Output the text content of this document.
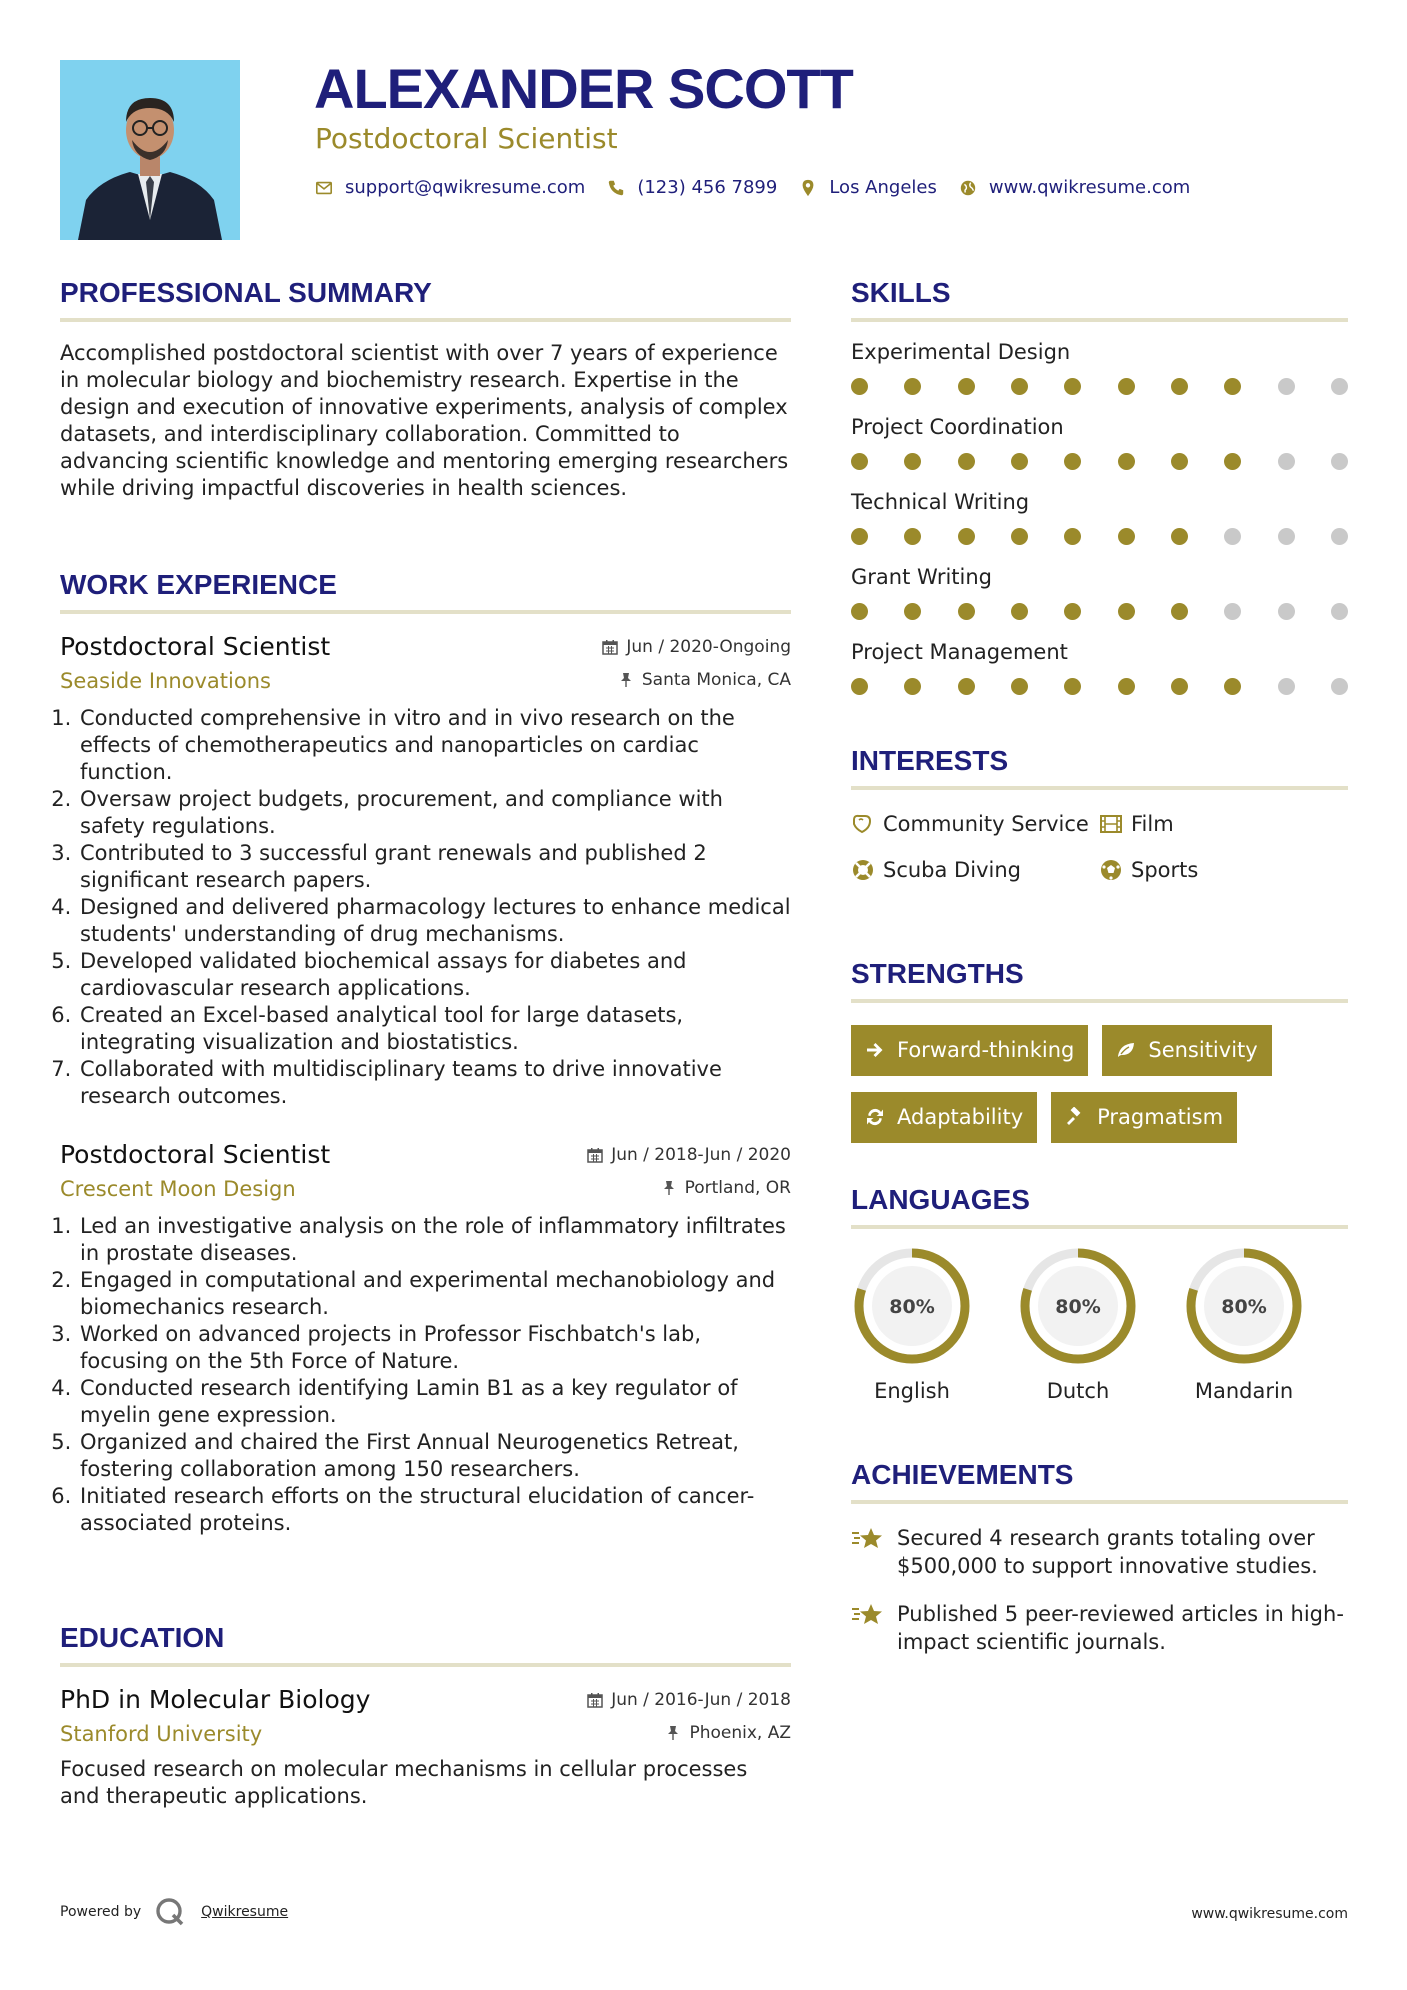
ALEXANDER SCOTT
Postdoctoral Scientist
support@qwikresume.com	(123) 456 7899	Los Angeles	www.qwikresume.com
PROFESSIONAL SUMMARY

Accomplished postdoctoral scientist with over 7 years of experience in molecular biology and biochemistry research. Expertise in the design and execution of innovative experiments, analysis of complex datasets, and interdisciplinary collaboration. Committed to advancing scientific knowledge and mentoring emerging researchers while driving impactful discoveries in health sciences.

WORK EXPERIENCE
Postdoctoral Scientist	Jun / 2020-Ongoing
Seaside Innovations	Santa Monica, CA
1. Conducted comprehensive in vitro and in vivo research on the effects of chemotherapeutics and nanoparticles on cardiac function.
2. Oversaw project budgets, procurement, and compliance with safety regulations.
3. Contributed to 3 successful grant renewals and published 2 significant research papers.
4. Designed and delivered pharmacology lectures to enhance medical students' understanding of drug mechanisms.
5. Developed validated biochemical assays for diabetes and cardiovascular research applications.
6. Created an Excel-based analytical tool for large datasets, integrating visualization and biostatistics.
7. Collaborated with multidisciplinary teams to drive innovative research outcomes.
Postdoctoral Scientist	Jun / 2018-Jun / 2020
Crescent Moon Design	Portland, OR
1. Led an investigative analysis on the role of inflammatory infiltrates in prostate diseases.
2. Engaged in computational and experimental mechanobiology and biomechanics research.
3. Worked on advanced projects in Professor Fischbatch's lab, focusing on the 5th Force of Nature.
4. Conducted research identifying Lamin B1 as a key regulator of myelin gene expression.
5. Organized and chaired the First Annual Neurogenetics Retreat, fostering collaboration among 150 researchers.
6. Initiated research efforts on the structural elucidation of cancer-associated proteins.
EDUCATION
PhD in Molecular Biology	Jun / 2016-Jun / 2018
Stanford University	Phoenix, AZ

Focused research on molecular mechanisms in cellular processes and therapeutic applications.

SKILLS
Experimental Design
Project Coordination
Technical Writing
Grant Writing
Project Management
INTERESTS
Community Service Film
Scuba Diving	Sports
STRENGTHS
Forward-thinking	Sensitivity
Adaptability	Pragmatism
LANGUAGES
80%
English
80%
Dutch
80%
Mandarin
ACHIEVEMENTS
Secured 4 research grants totaling over $500,000 to support innovative studies.
Published 5 peer-reviewed articles in high-impact scientific journals.
Powered by	Qwikresume	www.qwikresume.com
